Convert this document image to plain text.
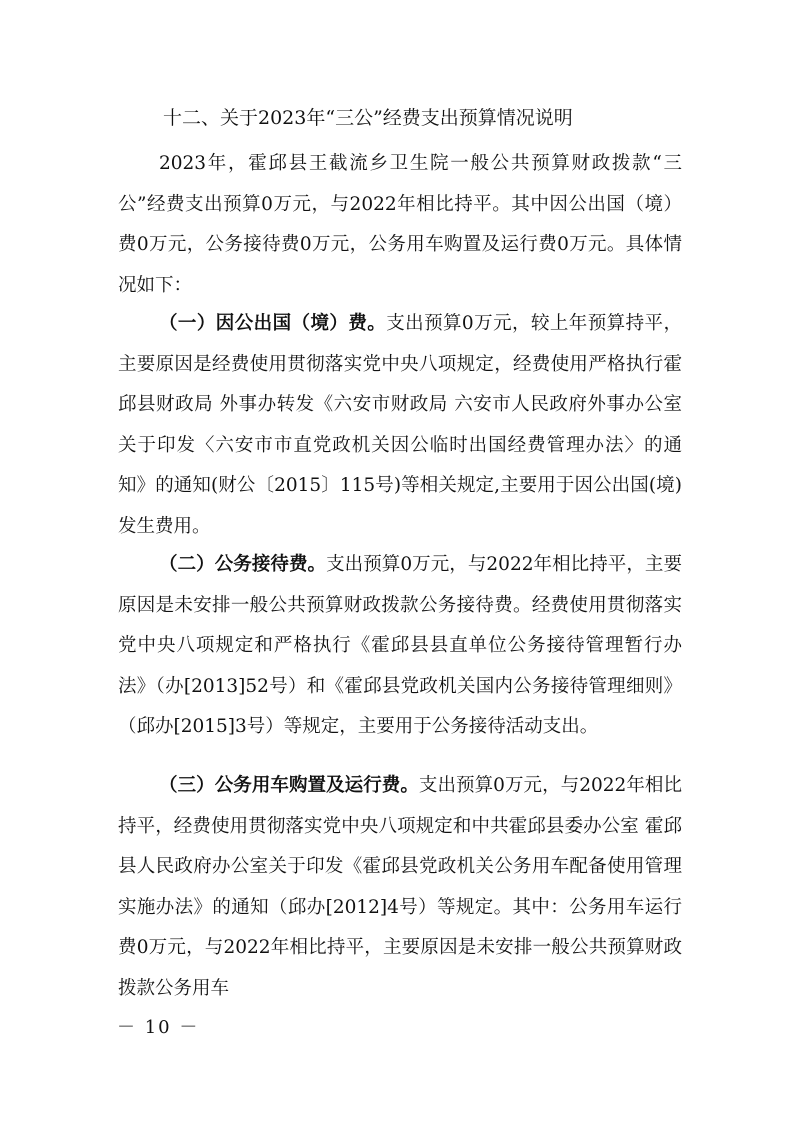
十二、关于2023年“三公”经费支出预算情况说明

2023年，霍邱县王截流乡卫生院一般公共预算财政拨款“三公”经费支出预算0万元，与2022年相比持平。其中因公出国（境）费0万元，公务接待费0万元，公务用车购置及运行费0万元。具体情况如下：

（一）因公出国（境）费。支出预算0万元，较上年预算持平，主要原因是经费使用贯彻落实党中央八项规定，经费使用严格执行霍邱县财政局 外事办转发《六安市财政局 六安市人民政府外事办公室关于印发〈六安市市直党政机关因公临时出国经费管理办法〉的通知》的通知(财公〔2015〕115号)等相关规定,主要用于因公出国(境)发生费用。

（二）公务接待费。支出预算0万元，与2022年相比持平，主要原因是未安排一般公共预算财政拨款公务接待费。经费使用贯彻落实党中央八项规定和严格执行《霍邱县县直单位公务接待管理暂行办法》（办[2013]52号）和《霍邱县党政机关国内公务接待管理细则》（邱办[2015]3号）等规定，主要用于公务接待活动支出。

（三）公务用车购置及运行费。支出预算0万元，与2022年相比持平，经费使用贯彻落实党中央八项规定和中共霍邱县委办公室 霍邱县人民政府办公室关于印发《霍邱县党政机关公务用车配备使用管理实施办法》的通知（邱办[2012]4号）等规定。其中：公务用车运行费0万元，与2022年相比持平，主要原因是未安排一般公共预算财政拨款公务用车

－ 10 －
